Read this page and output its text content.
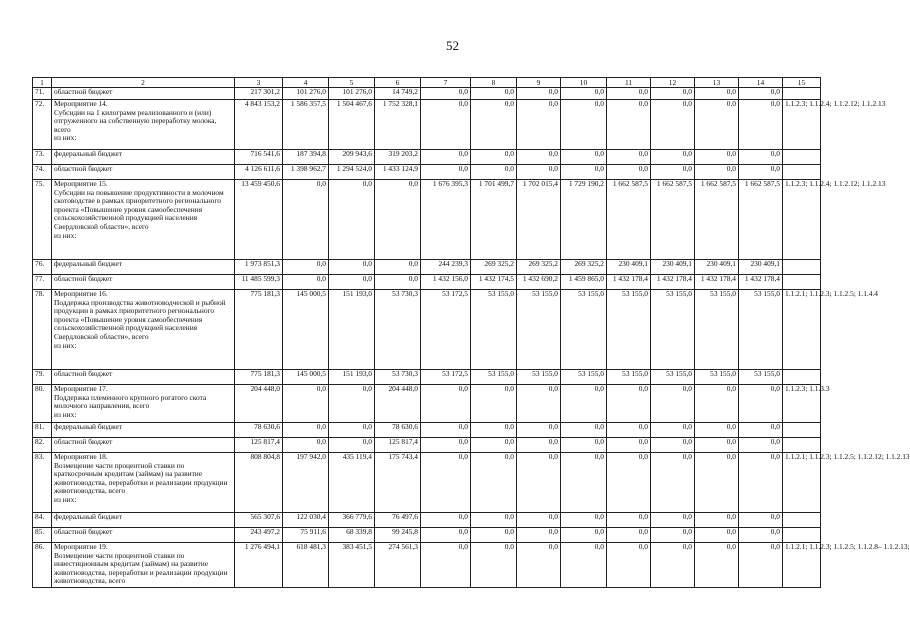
52
1	2	3	4	5	6	7	8	9	10	11	12	13	14	15
71.	областной бюджет	217 301,2	101 276,0	101 276,0	14 749,2	0,0	0,0	0,0	0,0	0,0	0,0	0,0	0,0	
72.	Мероприятие 14.
Субсидии на 1 килограмм реализованного и (или) отгруженного на собственную переработку молока, всего
из них:	4 843 153,2	1 586 357,5	1 504 467,6	1 752 328,1	0,0	0,0	0,0	0,0	0,0	0,0	0,0	0,0	1.1.2.3; 1.1.2.4; 1.1.2.12; 1.1.2.13
73.	федеральный бюджет	716 541,6	187 394,8	209 943,6	319 203,2	0,0	0,0	0,0	0,0	0,0	0,0	0,0	0,0	
74.	областной бюджет	4 126 611,6	1 398 962,7	1 294 524,0	1 433 124,9	0,0	0,0	0,0	0,0	0,0	0,0	0,0	0,0	
75.	Мероприятие 15.
Субсидии на повышение продуктивности в молочном скотоводстве в рамках приоритетного регионального проекта «Повышение уровня самообеспечения сельскохозяйственной продукцией населения Свердловской области», всего
из них:	13 459 450,6	0,0	0,0	0,0	1 676 395,3	1 701 499,7	1 702 015,4	1 729 190,2	1 662 587,5	1 662 587,5	1 662 587,5	1 662 587,5	1.1.2.3; 1.1.2.4; 1.1.2.12; 1.1.2.13
76.	федеральный бюджет	1 973 851,3	0,0	0,0	0,0	244 239,3	269 325,2	269 325,2	269 325,2	230 409,1	230 409,1	230 409,1	230 409,1	
77.	областной бюджет	11 485 599,3	0,0	0,0	0,0	1 432 156,0	1 432 174,5	1 432 690,2	1 459 865,0	1 432 178,4	1 432 178,4	1 432 178,4	1 432 178,4	
78.	Мероприятие 16.
Поддержка производства животноводческой и рыбной продукции в рамках приоритетного регионального проекта «Повышение уровня самообеспечения сельскохозяйственной продукцией населения Свердловской области», всего
из них:	775 181,3	145 000,5	151 193,0	53 730,3	53 172,5	53 155,0	53 155,0	53 155,0	53 155,0	53 155,0	53 155,0	53 155,0	1.1.2.1; 1.1.2.3; 1.1.2.5; 1.1.4.4
79.	областной бюджет	775 181,3	145 000,5	151 193,0	53 730,3	53 172,5	53 155,0	53 155,0	53 155,0	53 155,0	53 155,0	53 155,0	53 155,0	
80.	Мероприятие 17.
Поддержка племенного крупного рогатого скота молочного направления, всего
из них:	204 448,0	0,0	0,0	204 448,0	0,0	0,0	0,0	0,0	0,0	0,0	0,0	0,0	1.1.2.3; 1.1.3.3
81.	федеральный бюджет	78 630,6	0,0	0,0	78 630,6	0,0	0,0	0,0	0,0	0,0	0,0	0,0	0,0	
82.	областной бюджет	125 817,4	0,0	0,0	125 817,4	0,0	0,0	0,0	0,0	0,0	0,0	0,0	0,0	
83.	Мероприятие 18.
Возмещение части процентной ставки по краткосрочным кредитам (займам) на развитие животноводства, переработки и реализации продукции животноводства, всего
из них:	808 804,8	197 942,0	435 119,4	175 743,4	0,0	0,0	0,0	0,0	0,0	0,0	0,0	0,0	1.1.2.1; 1.1.2.3; 1.1.2.5; 1.1.2.12; 1.1.2.13
84.	федеральный бюджет	565 307,6	122 030,4	366 779,6	76 497,6	0,0	0,0	0,0	0,0	0,0	0,0	0,0	0,0	
85.	областной бюджет	243 497,2	75 911,6	68 339,8	99 245,8	0,0	0,0	0,0	0,0	0,0	0,0	0,0	0,0	
86.	Мероприятие 19.
Возмещение части процентной ставки по инвестиционным кредитам (займам) на развитие животноводства, переработки и реализации продукции животноводства, всего	1 276 494,1	618 481,3	383 451,5	274 561,3	0,0	0,0	0,0	0,0	0,0	0,0	0,0	0,0	1.1.2.1; 1.1.2.3; 1.1.2.5; 1.1.2.8– 1.1.2.13;
